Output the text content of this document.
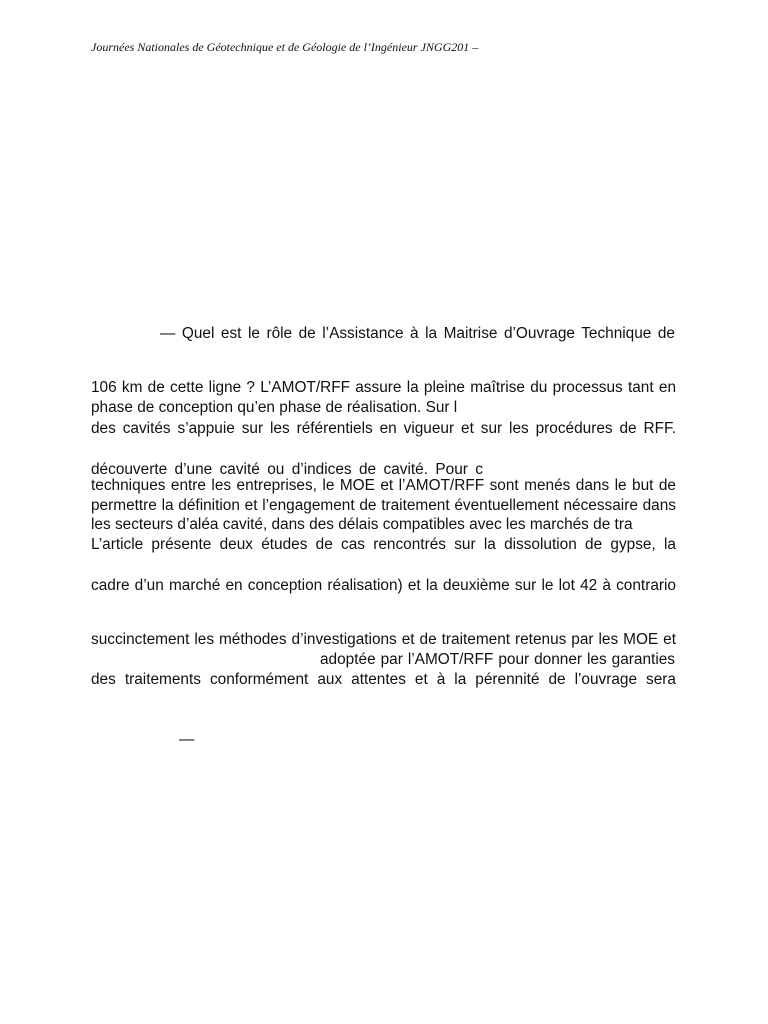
Journées Nationales de Géotechnique et de Géologie de l’Ingénieur JNGG201 –
— Quel est le rôle de l’Assistance à la Maitrise d’Ouvrage Technique de
106 km de cette ligne ? L’AMOT/RFF assure la pleine maîtrise du processus tant en
phase de conception qu’en phase de réalisation. Sur l
des cavités s’appuie sur les référentiels en vigueur et sur les procédures de RFF.
découverte d’une cavité ou d’indices de cavité. Pour c
techniques entre les entreprises, le MOE et l’AMOT/RFF sont menés dans le but de
permettre la définition et l’engagement de traitement éventuellement nécessaire dans
les secteurs d’aléa cavité, dans des délais compatibles avec les marchés de tra
L’article présente deux études de cas rencontrés sur la dissolution de gypse, la
cadre d’un marché en conception réalisation) et la deuxième sur le lot 42 à contrario
succinctement les méthodes d’investigations et de traitement retenus par les MOE et
adoptée par l’AMOT/RFF pour donner les garanties
des traitements conformément aux attentes et à la pérennité de l’ouvrage sera
—
